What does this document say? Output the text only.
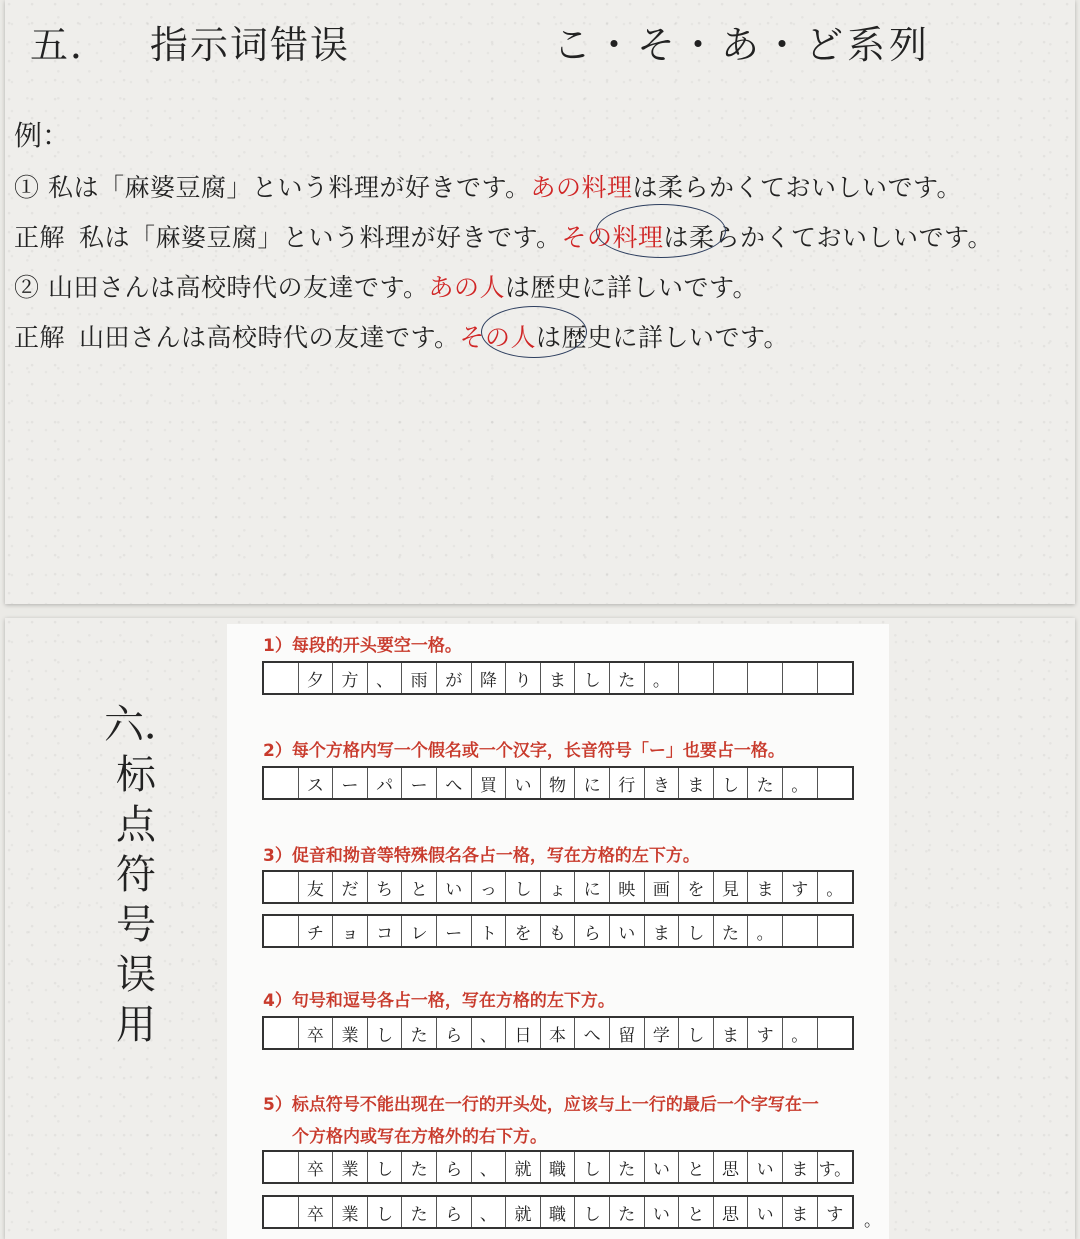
五． 指示词错误	こ・そ・あ・ど系列
例：
① 私は「麻婆豆腐」という料理が好きです。あの料理は柔らかくておいしいです。
正解 私は「麻婆豆腐」という料理が好きです。その料理は柔らかくておいしいです。
② 山田さんは高校時代の友達です。あの人は歴史に詳しいです。
正解 山田さんは高校時代の友達です。その人は歴史に詳しいです。
六．
标
点
符
号
误
用
1）每段的开头要空一格。
夕	方	、	雨	が	降	り	ま	し	た	。
2）每个方格内写一个假名或一个汉字，长音符号「ー」也要占一格。
ス	ー	パ	ー	へ	買	い	物	に	行	き	ま	し	た	。
3）促音和拗音等特殊假名各占一格，写在方格的左下方。
友	だ	ち	と	い	っ	し	ょ	に	映	画	を	見	ま	す	。
チ	ョ	コ	レ	ー	ト	を	も	ら	い	ま	し	た	。
4）句号和逗号各占一格，写在方格的左下方。
卒	業	し	た	ら	、	日	本	へ	留	学	し	ま	す	。
5）标点符号不能出现在一行的开头处，应该与上一行的最后一个字写在一
个方格内或写在方格外的右下方。
卒	業	し	た	ら	、	就	職	し	た	い	と	思	い	ま す。
卒	業	し	た	ら	、	就	職	し	た	い	と	思	い	ま	す	。
